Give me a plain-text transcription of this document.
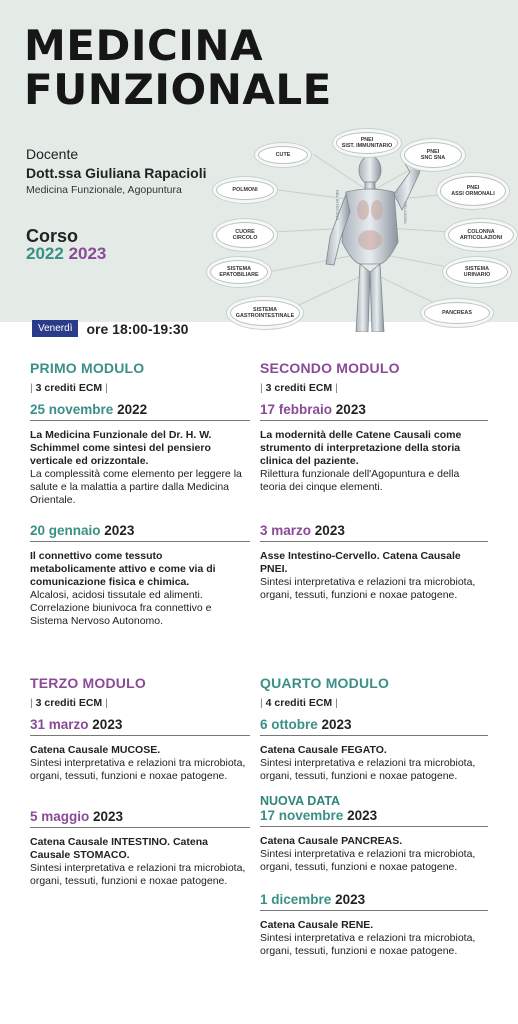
MEDICINA
FUNZIONALE
Docente
Dott.ssa Giuliana Rapacioli
Medicina Funzionale, Agopuntura
Corso
2022 2023
REL INTESTINO	RELAZIONI
PNEI
SIST. IMMUNITARIO
CUTE	PNEI
SNC SNA
POLMONI	PNEI
ASSI ORMONALI
CUORE
CIRCOLO
COLONNA
ARTICOLAZIONI
SISTEMA
EPATOBILIARE
SISTEMA
URINARIO
SISTEMA
GASTROINTESTINALE	PANCREAS
Venerdì	ore 18:00-19:30
PRIMO MODULO
| 3 crediti ECM |
25 novembre 2022
La Medicina Funzionale del Dr. H. W. Schimmel come sintesi del pensiero verticale ed orizzontale.
La complessità come elemento per leggere la salute e la malattia a partire dalla Medicina Orientale.
20 gennaio 2023
Il connettivo come tessuto metabolicamente attivo e come via di comunicazione fisica e chimica.
Alcalosi, acidosi tissutale ed alimenti. Correlazione biunivoca fra connettivo e Sistema Nervoso Autonomo.
SECONDO MODULO
| 3 crediti ECM |
17 febbraio 2023
La modernità delle Catene Causali come strumento di interpretazione della storia clinica del paziente.
Rilettura funzionale dell'Agopuntura e della teoria dei cinque elementi.
3 marzo 2023
Asse Intestino-Cervello. Catena Causale PNEI.
Sintesi interpretativa e relazioni tra microbiota, organi, tessuti, funzioni e noxae patogene.
TERZO MODULO
| 3 crediti ECM |
31 marzo 2023
Catena Causale MUCOSE.
Sintesi interpretativa e relazioni tra microbiota, organi, tessuti, funzioni e noxae patogene.
5 maggio 2023
Catena Causale INTESTINO. Catena Causale STOMACO.
Sintesi interpretativa e relazioni tra microbiota, organi, tessuti, funzioni e noxae patogene.
QUARTO MODULO
| 4 crediti ECM |
6 ottobre 2023
Catena Causale FEGATO.
Sintesi interpretativa e relazioni tra microbiota, organi, tessuti, funzioni e noxae patogene.
NUOVA DATA
17 novembre 2023
Catena Causale PANCREAS.
Sintesi interpretativa e relazioni tra microbiota, organi, tessuti, funzioni e noxae patogene.
1 dicembre 2023
Catena Causale RENE.
Sintesi interpretativa e relazioni tra microbiota, organi, tessuti, funzioni e noxae patogene.
